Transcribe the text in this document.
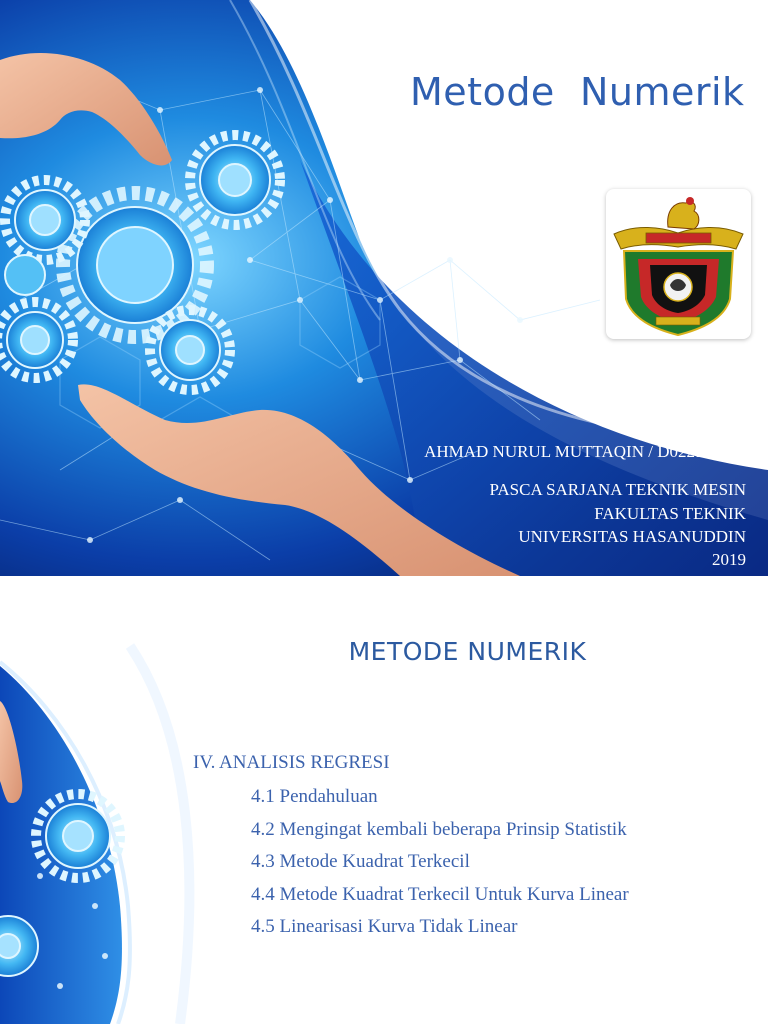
Metode  Numerik
OLEH
AHMAD NURUL MUTTAQIN / D022191001
PASCA SARJANA TEKNIK MESIN
FAKULTAS TEKNIK
UNIVERSITAS HASANUDDIN
2019
METODE NUMERIK
IV. ANALISIS REGRESI
4.1 Pendahuluan
4.2 Mengingat kembali beberapa Prinsip Statistik
4.3 Metode Kuadrat Terkecil
4.4 Metode Kuadrat Terkecil Untuk Kurva Linear
4.5 Linearisasi Kurva Tidak Linear
